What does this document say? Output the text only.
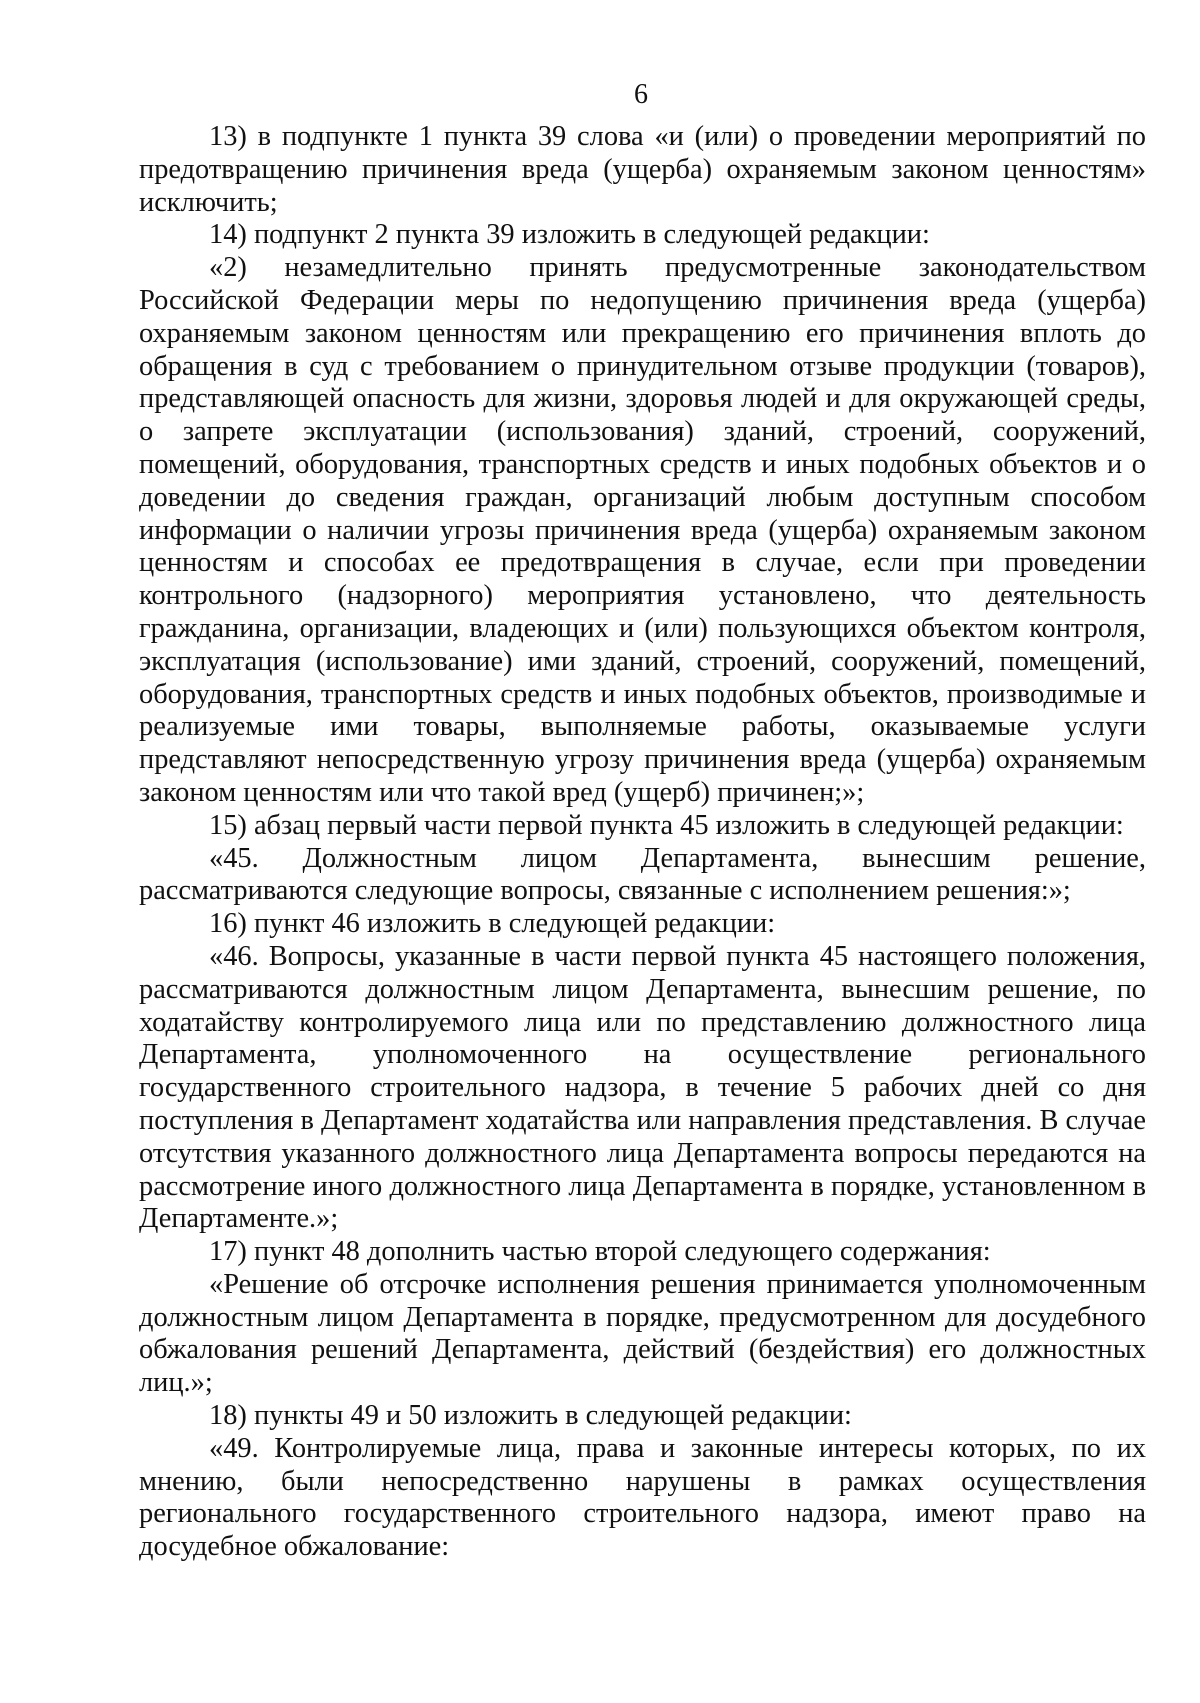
6

13) в подпункте 1 пункта 39 слова «и (или) о проведении мероприятий по предотвращению причинения вреда (ущерба) охраняемым законом ценностям» исключить;

14) подпункт 2 пункта 39 изложить в следующей редакции:

«2) незамедлительно принять предусмотренные законодательством Российской Федерации меры по недопущению причинения вреда (ущерба) охраняемым законом ценностям или прекращению его причинения вплоть до обращения в суд с требованием о принудительном отзыве продукции (товаров), представляющей опасность для жизни, здоровья людей и для окружающей среды, о запрете эксплуатации (использования) зданий, строений, сооружений, помещений, оборудования, транспортных средств и иных подобных объектов и о доведении до сведения граждан, организаций любым доступным способом информации о наличии угрозы причинения вреда (ущерба) охраняемым законом ценностям и способах ее предотвращения в случае, если при проведении контрольного (надзорного) мероприятия установлено, что деятельность гражданина, организации, владеющих и (или) пользующихся объектом контроля, эксплуатация (использование) ими зданий, строений, сооружений, помещений, оборудования, транспортных средств и иных подобных объектов, производимые и реализуемые ими товары, выполняемые работы, оказываемые услуги представляют непосредственную угрозу причинения вреда (ущерба) охраняемым законом ценностям или что такой вред (ущерб) причинен;»;

15) абзац первый части первой пункта 45 изложить в следующей редакции:

«45. Должностным лицом Департамента, вынесшим решение, рассматриваются следующие вопросы, связанные с исполнением решения:»;

16) пункт 46 изложить в следующей редакции:

«46. Вопросы, указанные в части первой пункта 45 настоящего положения, рассматриваются должностным лицом Департамента, вынесшим решение, по ходатайству контролируемого лица или по представлению должностного лица Департамента, уполномоченного на осуществление регионального государственного строительного надзора, в течение 5 рабочих дней со дня поступления в Департамент ходатайства или направления представления. В случае отсутствия указанного должностного лица Департамента вопросы передаются на рассмотрение иного должностного лица Департамента в порядке, установленном в Департаменте.»;

17) пункт 48 дополнить частью второй следующего содержания:

«Решение об отсрочке исполнения решения принимается уполномоченным должностным лицом Департамента в порядке, предусмотренном для досудебного обжалования решений Департамента, действий (бездействия) его должностных лиц.»;

18) пункты 49 и 50 изложить в следующей редакции:

«49. Контролируемые лица, права и законные интересы которых, по их мнению, были непосредственно нарушены в рамках осуществления регионального государственного строительного надзора, имеют право на досудебное обжалование:
